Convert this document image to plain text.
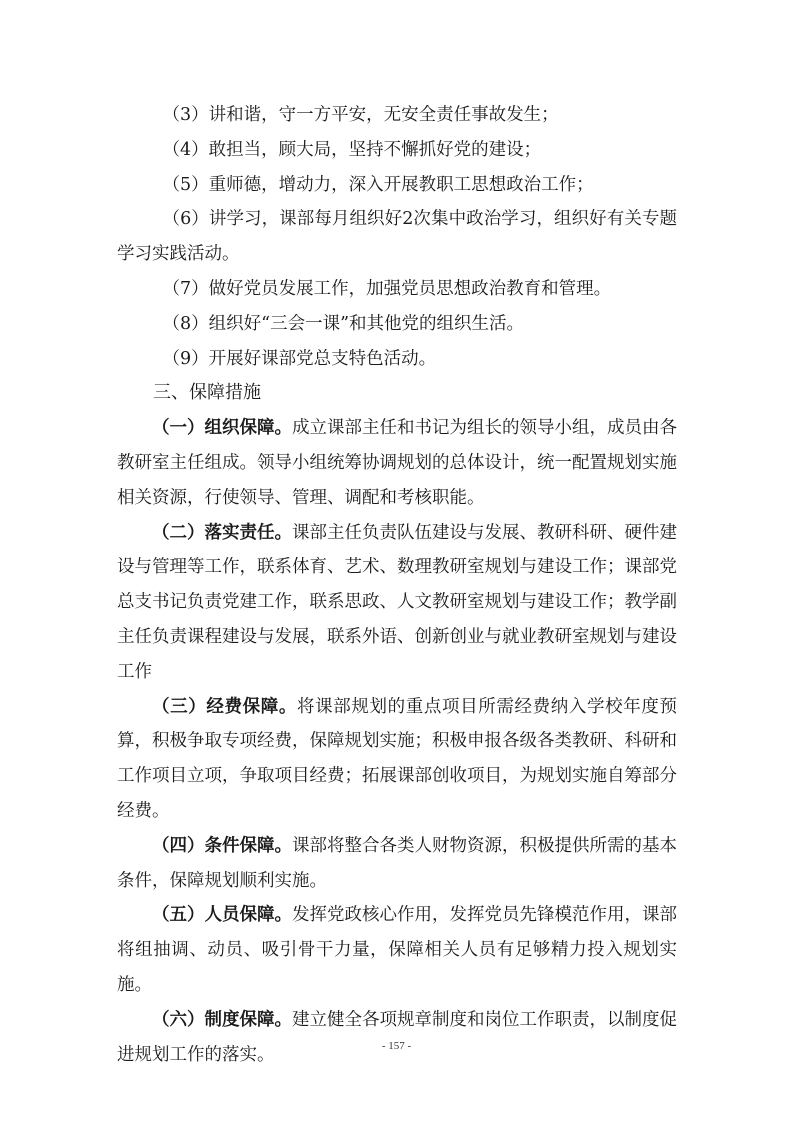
（3）讲和谐，守一方平安，无安全责任事故发生；

（4）敢担当，顾大局，坚持不懈抓好党的建设；

（5）重师德，增动力，深入开展教职工思想政治工作；

（6）讲学习，课部每月组织好2次集中政治学习，组织好有关专题学习实践活动。

（7）做好党员发展工作，加强党员思想政治教育和管理。

（8）组织好“三会一课”和其他党的组织生活。

（9）开展好课部党总支特色活动。

三、保障措施

（一）组织保障。成立课部主任和书记为组长的领导小组，成员由各教研室主任组成。领导小组统筹协调规划的总体设计，统一配置规划实施相关资源，行使领导、管理、调配和考核职能。

（二）落实责任。课部主任负责队伍建设与发展、教研科研、硬件建设与管理等工作，联系体育、艺术、数理教研室规划与建设工作；课部党总支书记负责党建工作，联系思政、人文教研室规划与建设工作；教学副主任负责课程建设与发展，联系外语、创新创业与就业教研室规划与建设工作

（三）经费保障。将课部规划的重点项目所需经费纳入学校年度预算，积极争取专项经费，保障规划实施；积极申报各级各类教研、科研和工作项目立项，争取项目经费；拓展课部创收项目，为规划实施自筹部分经费。

（四）条件保障。课部将整合各类人财物资源，积极提供所需的基本条件，保障规划顺利实施。

（五）人员保障。发挥党政核心作用，发挥党员先锋模范作用，课部将组抽调、动员、吸引骨干力量，保障相关人员有足够精力投入规划实施。

（六）制度保障。建立健全各项规章制度和岗位工作职责，以制度促进规划工作的落实。	- 157 -
